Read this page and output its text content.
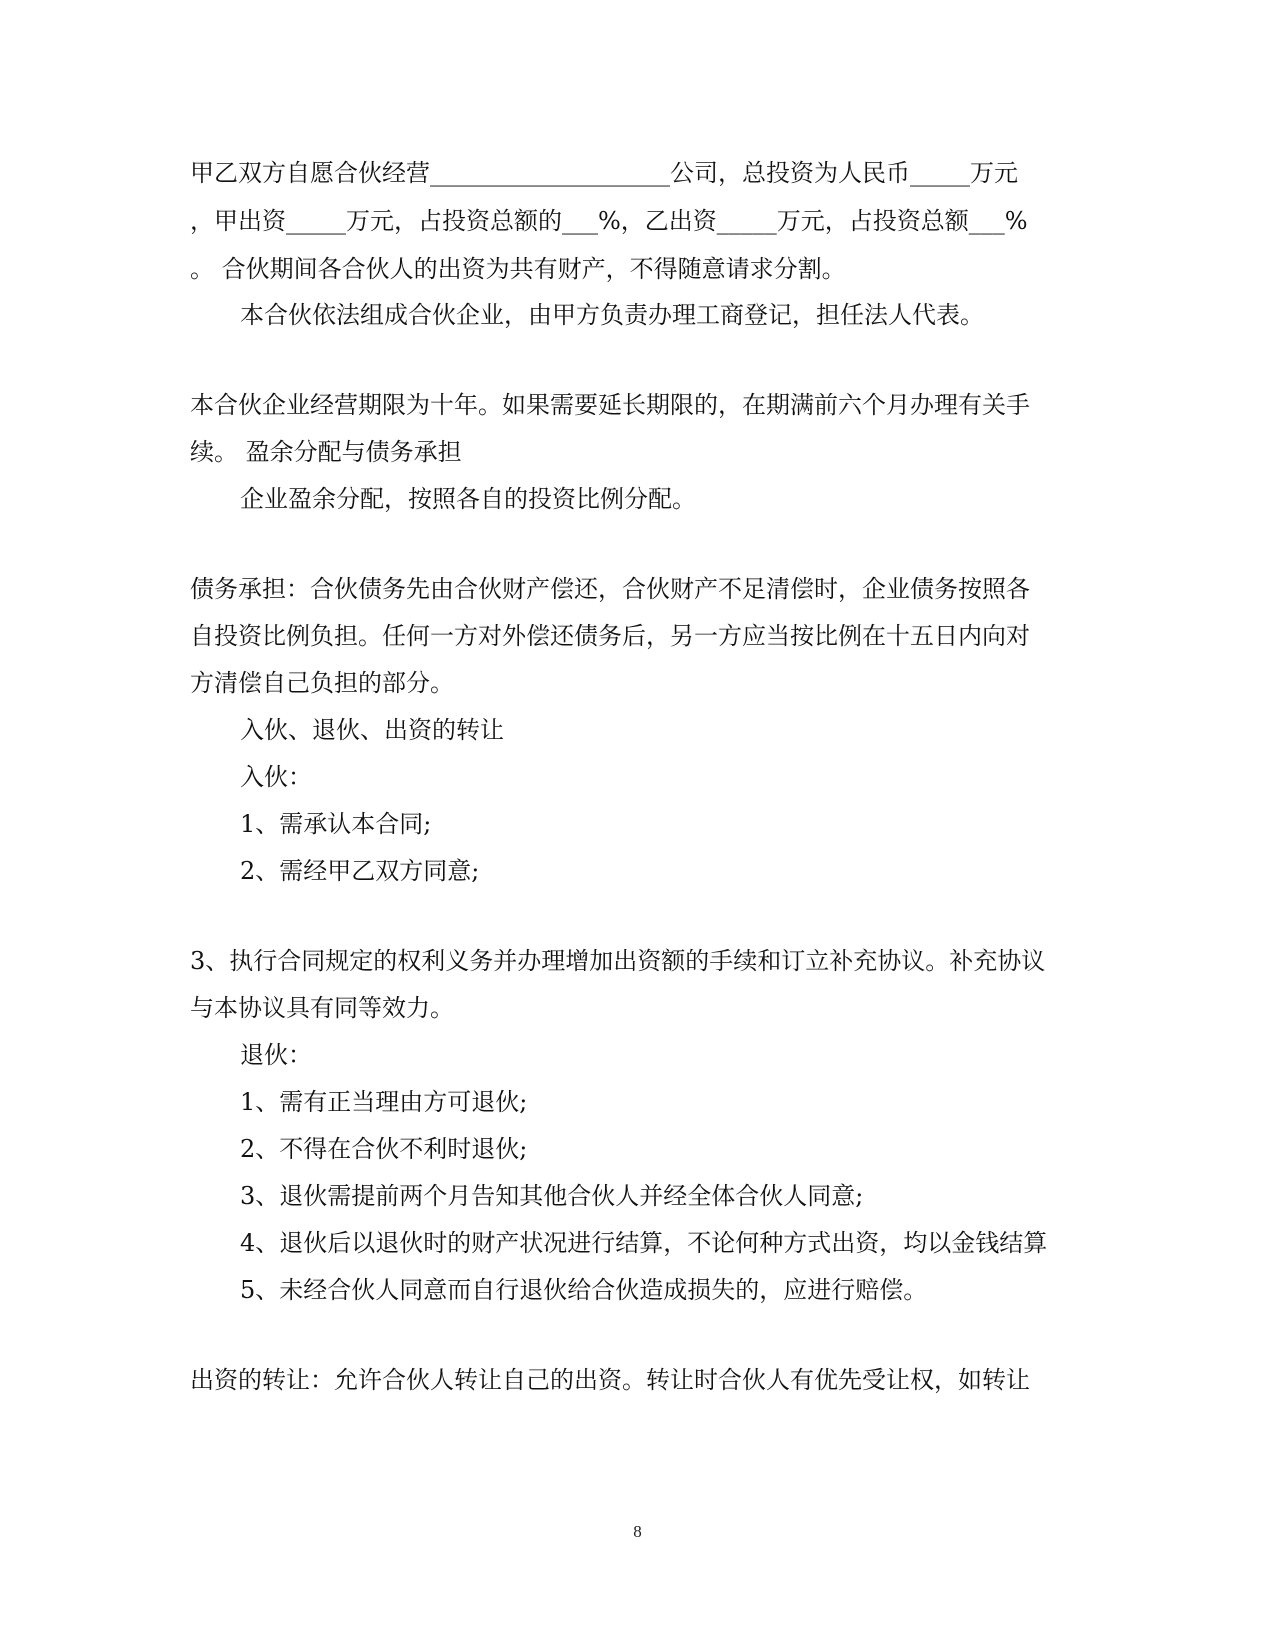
甲乙双方自愿合伙经营____________________公司，总投资为人民币_____万元
，甲出资_____万元，占投资总额的___%，乙出资_____万元，占投资总额___%
。 合伙期间各合伙人的出资为共有财产，不得随意请求分割。
本合伙依法组成合伙企业，由甲方负责办理工商登记，担任法人代表。
本合伙企业经营期限为十年。如果需要延长期限的，在期满前六个月办理有关手
续。 盈余分配与债务承担
企业盈余分配，按照各自的投资比例分配。
债务承担：合伙债务先由合伙财产偿还，合伙财产不足清偿时，企业债务按照各
自投资比例负担。任何一方对外偿还债务后，另一方应当按比例在十五日内向对
方清偿自己负担的部分。
入伙、退伙、出资的转让
入伙：
1、需承认本合同;
2、需经甲乙双方同意;
3、执行合同规定的权利义务并办理增加出资额的手续和订立补充协议。补充协议
与本协议具有同等效力。
退伙：
1、需有正当理由方可退伙;
2、不得在合伙不利时退伙;
3、退伙需提前两个月告知其他合伙人并经全体合伙人同意;
4、退伙后以退伙时的财产状况进行结算，不论何种方式出资，均以金钱结算
5、未经合伙人同意而自行退伙给合伙造成损失的，应进行赔偿。
出资的转让：允许合伙人转让自己的出资。转让时合伙人有优先受让权，如转让
8
